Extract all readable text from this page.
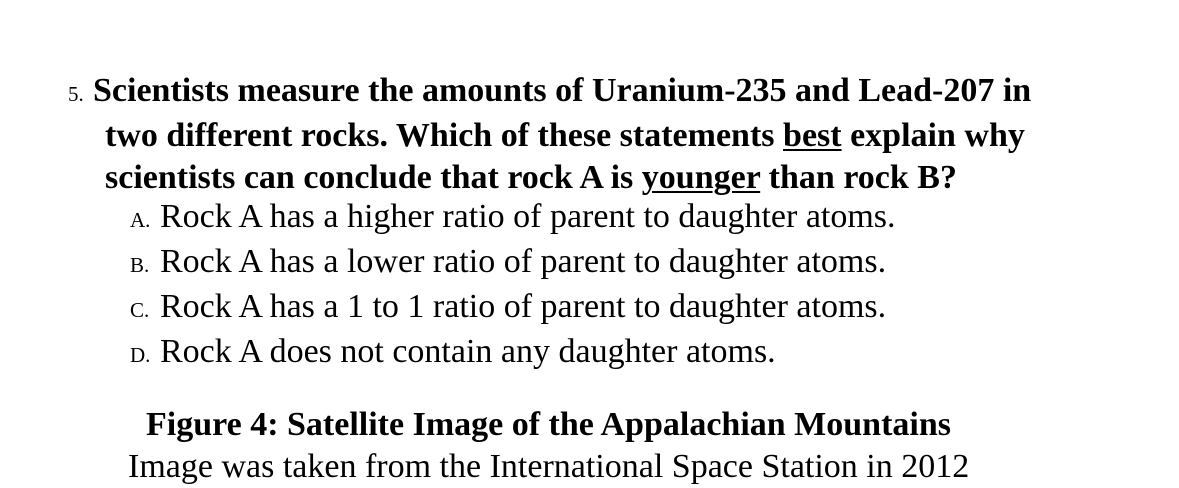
5. Scientists measure the amounts of Uranium-235 and Lead-207 in
two different rocks. Which of these statements best explain why
scientists can conclude that rock A is younger than rock B?
A. Rock A has a higher ratio of parent to daughter atoms.
B. Rock A has a lower ratio of parent to daughter atoms.
C. Rock A has a 1 to 1 ratio of parent to daughter atoms.
D. Rock A does not contain any daughter atoms.
Figure 4: Satellite Image of the Appalachian Mountains
Image was taken from the International Space Station in 2012
